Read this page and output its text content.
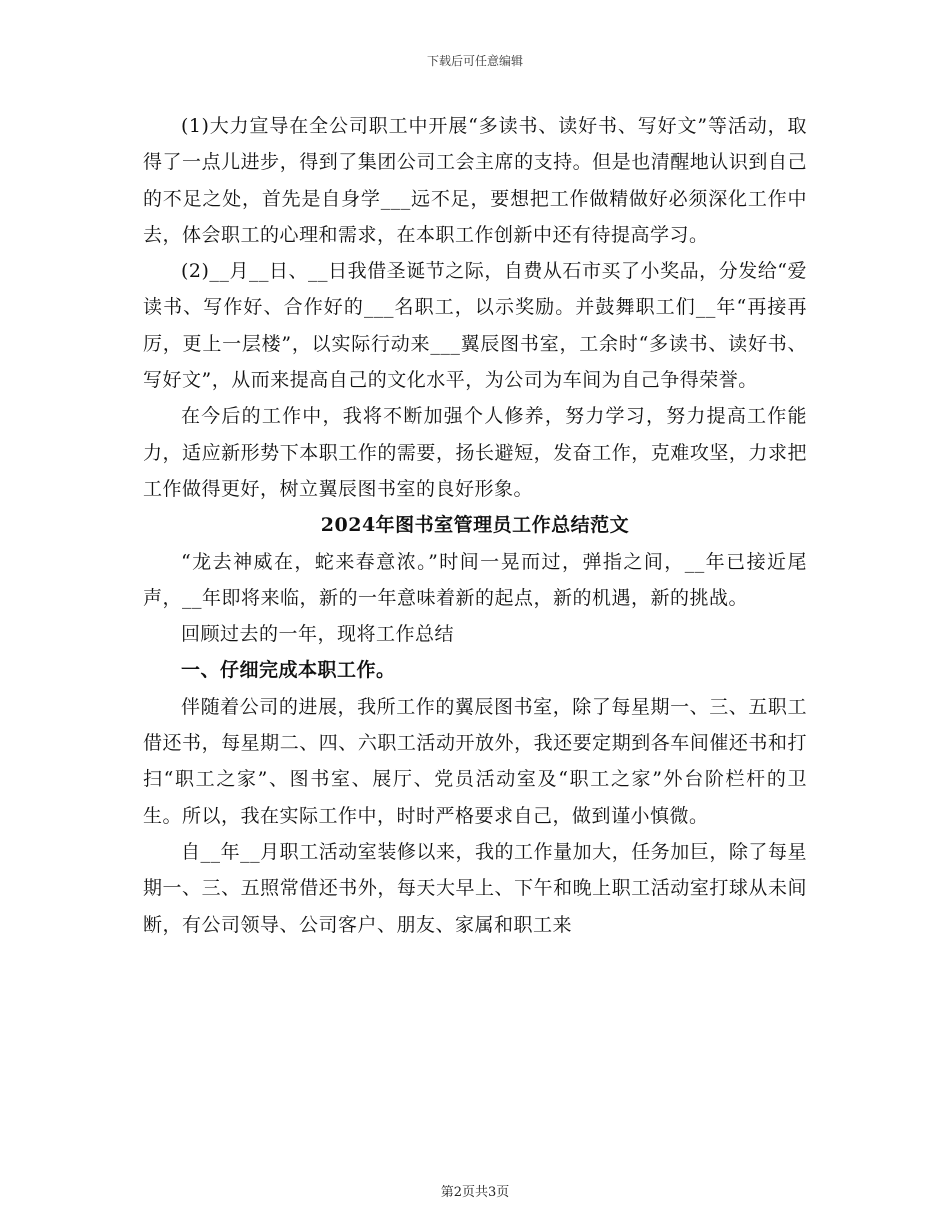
下载后可任意编辑

(1)大力宣导在全公司职工中开展“多读书、读好书、写好文”等活动，取得了一点儿进步，得到了集团公司工会主席的支持。但是也清醒地认识到自己的不足之处，首先是自身学___远不足，要想把工作做精做好必须深化工作中去，体会职工的心理和需求，在本职工作创新中还有待提高学习。

(2)__月__日、__日我借圣诞节之际，自费从石市买了小奖品，分发给“爱读书、写作好、合作好的___名职工，以示奖励。并鼓舞职工们__年“再接再厉，更上一层楼”，以实际行动来___翼辰图书室，工余时“多读书、读好书、写好文”，从而来提高自己的文化水平，为公司为车间为自己争得荣誉。

在今后的工作中，我将不断加强个人修养，努力学习，努力提高工作能力，适应新形势下本职工作的需要，扬长避短，发奋工作，克难攻坚，力求把工作做得更好，树立翼辰图书室的良好形象。

2024年图书室管理员工作总结范文

“龙去神威在，蛇来春意浓。”时间一晃而过，弹指之间，__年已接近尾声，__年即将来临，新的一年意味着新的起点，新的机遇，新的挑战。

回顾过去的一年，现将工作总结

一、仔细完成本职工作。

伴随着公司的进展，我所工作的翼辰图书室，除了每星期一、三、五职工借还书，每星期二、四、六职工活动开放外，我还要定期到各车间催还书和打扫“职工之家”、图书室、展厅、党员活动室及“职工之家”外台阶栏杆的卫生。所以，我在实际工作中，时时严格要求自己，做到谨小慎微。

自__年__月职工活动室装修以来，我的工作量加大，任务加巨，除了每星期一、三、五照常借还书外，每天大早上、下午和晚上职工活动室打球从未间断，有公司领导、公司客户、朋友、家属和职工来

第2页共3页
